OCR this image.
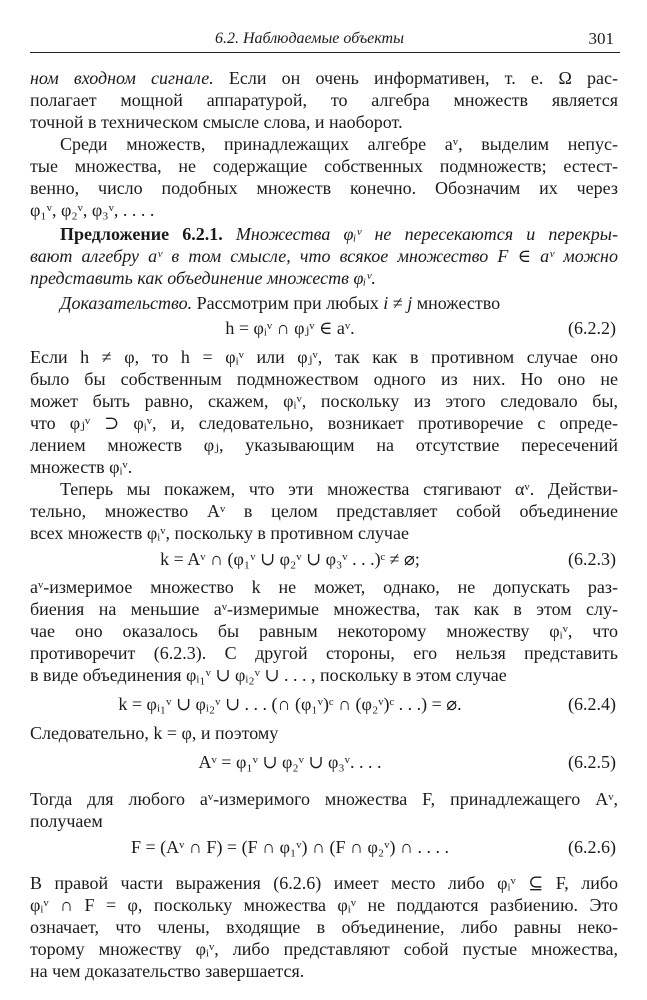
6.2. Наблюдаемые объекты	301
ном входном сигнале. Если он очень информативен, т. е. Ω рас-
полагает мощной аппаратурой, то алгебра множеств является
точной в техническом смысле слова, и наоборот.
Среди множеств, принадлежащих алгебре aᵛ, выделим непус-
тые множества, не содержащие собственных подмножеств; естест-
венно, число подобных множеств конечно. Обозначим их через
φ₁ᵛ, φ₂ᵛ, φ₃ᵛ, . . . .
Предложение 6.2.1. Множества φᵢᵛ не пересекаются и перекры-
вают алгебру aᵛ в том смысле, что всякое множество F ∈ aᵛ можно
представить как объединение множеств φᵢᵛ.
Доказательство. Рассмотрим при любых i ≠ j множество
h = φᵢᵛ ∩ φⱼᵛ ∈ aᵛ.	(6.2.2)
Если h ≠ φ, то h = φᵢᵛ или φⱼᵛ, так как в противном случае оно
было бы собственным подмножеством одного из них. Но оно не
может быть равно, скажем, φᵢᵛ, поскольку из этого следовало бы,
что φⱼᵛ ⊃ φᵢᵛ, и, следовательно, возникает противоречие с опреде-
лением множеств φⱼ, указывающим на отсутствие пересечений
множеств φᵢᵛ.
Теперь мы покажем, что эти множества стягивают αᵛ. Действи-
тельно, множество Aᵛ в целом представляет собой объединение
всех множеств φᵢᵛ, поскольку в противном случае
k = Aᵛ ∩ (φ₁ᵛ ∪ φ₂ᵛ ∪ φ₃ᵛ . . .)ᶜ ≠ ⌀;	(6.2.3)
aᵛ-измеримое множество k не может, однако, не допускать раз-
биения на меньшие aᵛ-измеримые множества, так как в этом слу-
чае оно оказалось бы равным некоторому множеству φᵢᵛ, что
противоречит (6.2.3). С другой стороны, его нельзя представить
в виде объединения φᵢ₁ᵛ ∪ φᵢ₂ᵛ ∪ . . . , поскольку в этом случае
k = φᵢ₁ᵛ ∪ φᵢ₂ᵛ ∪ . . . (∩ (φ₁ᵛ)ᶜ ∩ (φ₂ᵛ)ᶜ . . .) = ⌀.	(6.2.4)
Следовательно, k = φ, и поэтому
Aᵛ = φ₁ᵛ ∪ φ₂ᵛ ∪ φ₃ᵛ. . . .	(6.2.5)
Тогда для любого aᵛ-измеримого множества F, принадлежащего Aᵛ,
получаем
F = (Aᵛ ∩ F) = (F ∩ φ₁ᵛ) ∩ (F ∩ φ₂ᵛ) ∩ . . . .	(6.2.6)
В правой части выражения (6.2.6) имеет место либо φᵢᵛ ⊆ F, либо
φᵢᵛ ∩ F = φ, поскольку множества φᵢᵛ не поддаются разбиению. Это
означает, что члены, входящие в объединение, либо равны неко-
торому множеству φᵢᵛ, либо представляют собой пустые множества,
на чем доказательство завершается.
